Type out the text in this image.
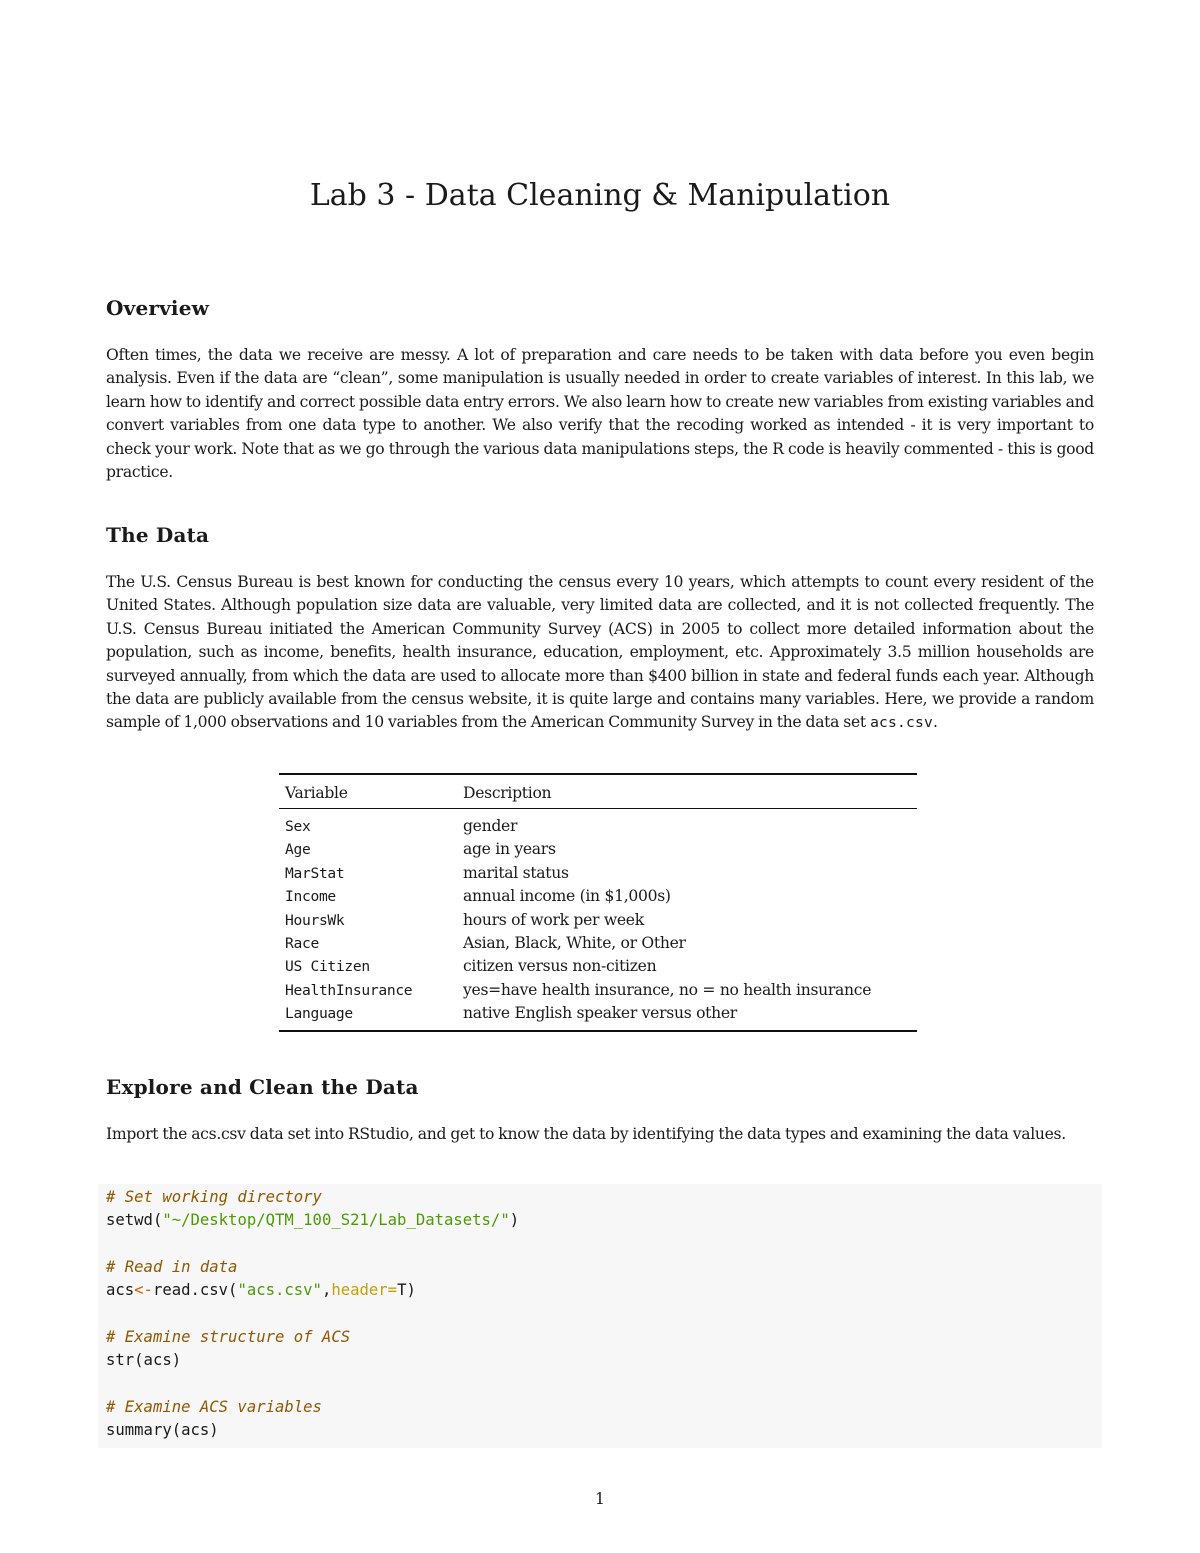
Lab 3 - Data Cleaning & Manipulation
Overview

Often times, the data we receive are messy. A lot of preparation and care needs to be taken with data before you even begin analysis. Even if the data are “clean”, some manipulation is usually needed in order to create variables of interest. In this lab, we learn how to identify and correct possible data entry errors. We also learn how to create new variables from existing variables and convert variables from one data type to another. We also verify that the recoding worked as intended - it is very important to check your work. Note that as we go through the various data manipulations steps, the R code is heavily commented - this is good practice.

The Data

The U.S. Census Bureau is best known for conducting the census every 10 years, which attempts to count every resident of the United States. Although population size data are valuable, very limited data are collected, and it is not collected frequently. The U.S. Census Bureau initiated the American Community Survey (ACS) in 2005 to collect more detailed information about the population, such as income, benefits, health insurance, education, employment, etc. Approximately 3.5 million households are surveyed annually, from which the data are used to allocate more than $400 billion in state and federal funds each year. Although the data are publicly available from the census website, it is quite large and contains many variables. Here, we provide a random sample of 1,000 observations and 10 variables from the American Community Survey in the data set acs.csv.

Variable	Description
Sex	gender
Age	age in years
MarStat	marital status
Income	annual income (in $1,000s)
HoursWk	hours of work per week
Race	Asian, Black, White, or Other
US Citizen	citizen versus non-citizen
HealthInsurance	yes=have health insurance, no = no health insurance
Language	native English speaker versus other
Explore and Clean the Data

Import the acs.csv data set into RStudio, and get to know the data by identifying the data types and examining the data values.

# Set working directory
setwd("~/Desktop/QTM_100_S21/Lab_Datasets/")
# Read in data
acs<-read.csv("acs.csv",header=T)
# Examine structure of ACS
str(acs)
# Examine ACS variables
summary(acs)
1
